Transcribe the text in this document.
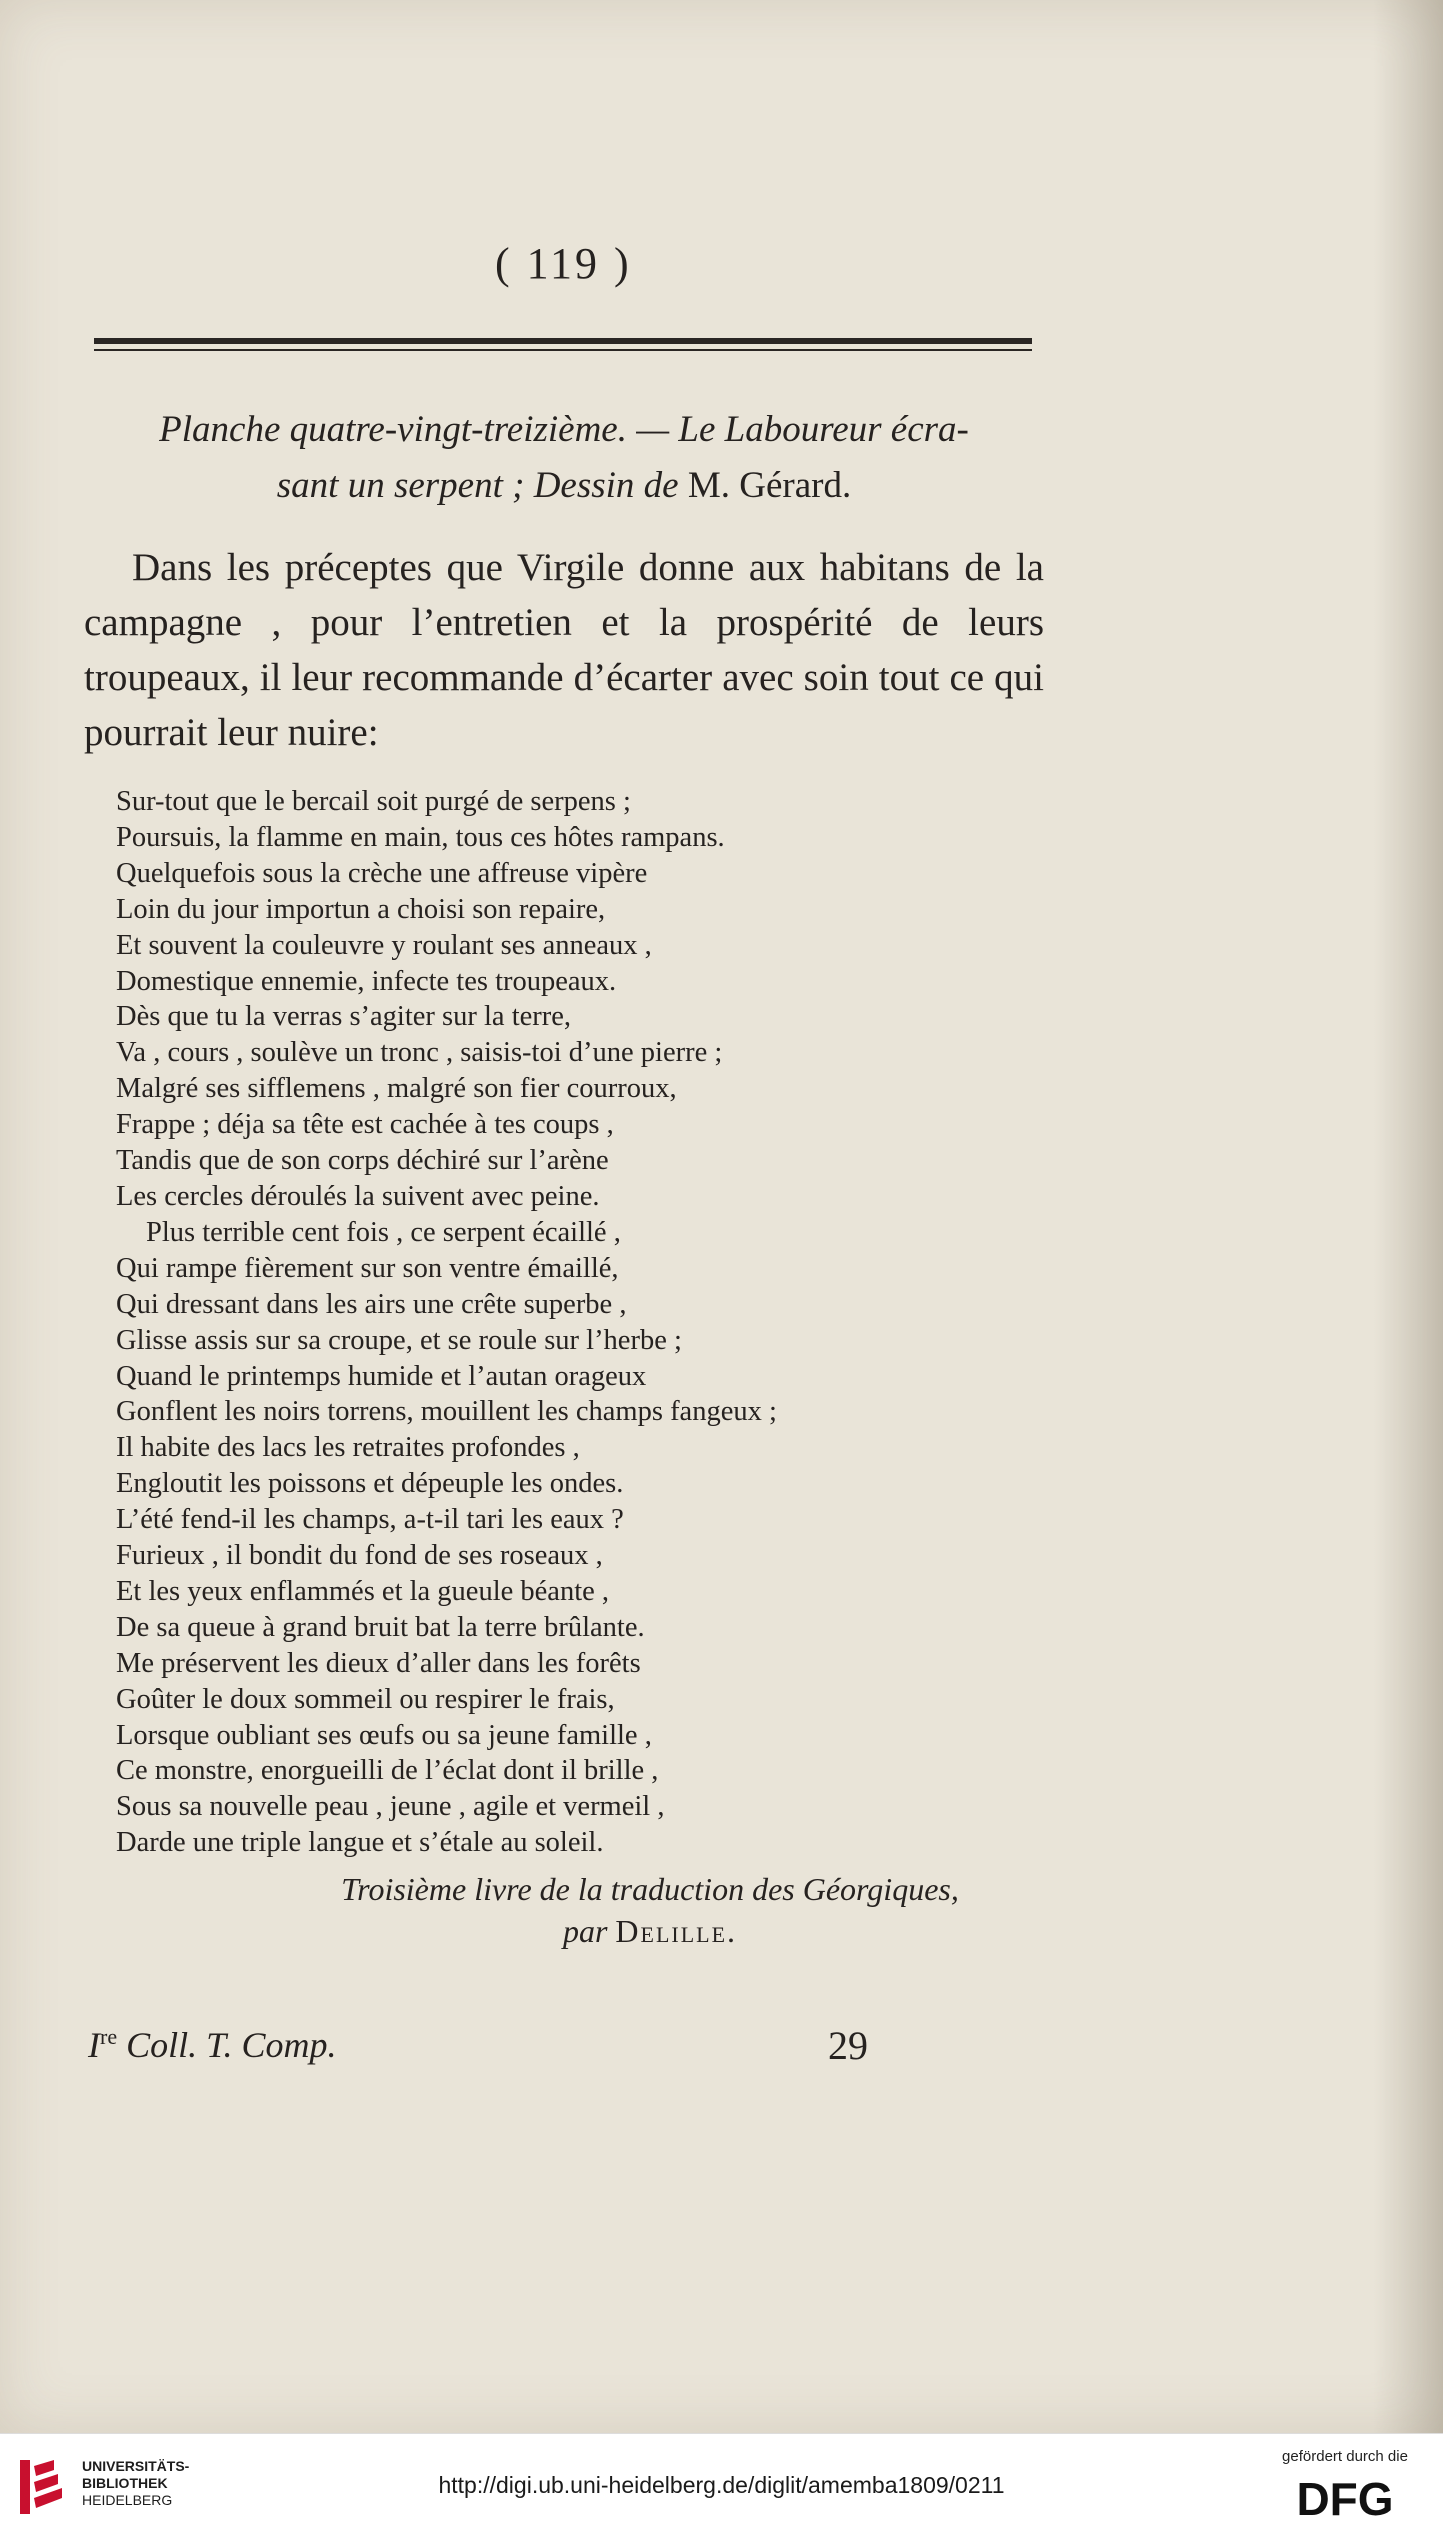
( 119 )
Planche quatre-vingt-treizième. — Le Laboureur écra-
sant un serpent ; Dessin de M. Gérard.
Dans les préceptes que Virgile donne aux habitans de la campagne , pour l’entretien et la prospérité de leurs troupeaux, il leur recommande d’écarter avec soin tout ce qui pourrait leur nuire:
Sur-tout que le bercail soit purgé de serpens ;
Poursuis, la flamme en main, tous ces hôtes rampans.
Quelquefois sous la crèche une affreuse vipère
Loin du jour importun a choisi son repaire,
Et souvent la couleuvre y roulant ses anneaux ,
Domestique ennemie, infecte tes troupeaux.
Dès que tu la verras s’agiter sur la terre,
Va , cours , soulève un tronc , saisis-toi d’une pierre ;
Malgré ses sifflemens , malgré son fier courroux,
Frappe ; déja sa tête est cachée à tes coups ,
Tandis que de son corps déchiré sur l’arène
Les cercles déroulés la suivent avec peine.
Plus terrible cent fois , ce serpent écaillé ,
Qui rampe fièrement sur son ventre émaillé,
Qui dressant dans les airs une crête superbe ,
Glisse assis sur sa croupe, et se roule sur l’herbe ;
Quand le printemps humide et l’autan orageux
Gonflent les noirs torrens, mouillent les champs fangeux ;
Il habite des lacs les retraites profondes ,
Engloutit les poissons et dépeuple les ondes.
L’été fend-il les champs, a-t-il tari les eaux ?
Furieux , il bondit du fond de ses roseaux ,
Et les yeux enflammés et la gueule béante ,
De sa queue à grand bruit bat la terre brûlante.
Me préservent les dieux d’aller dans les forêts
Goûter le doux sommeil ou respirer le frais,
Lorsque oubliant ses œufs ou sa jeune famille ,
Ce monstre, enorgueilli de l’éclat dont il brille ,
Sous sa nouvelle peau , jeune , agile et vermeil ,
Darde une triple langue et s’étale au soleil.
Troisième livre de la traduction des Géorgiques,
par Delille.
Ire Coll. T. Comp.	29
UNIVERSITÄTS-
BIBLIOTHEK
HEIDELBERG
http://digi.ub.uni-heidelberg.de/diglit/amemba1809/0211
gefördert durch die
DFG
